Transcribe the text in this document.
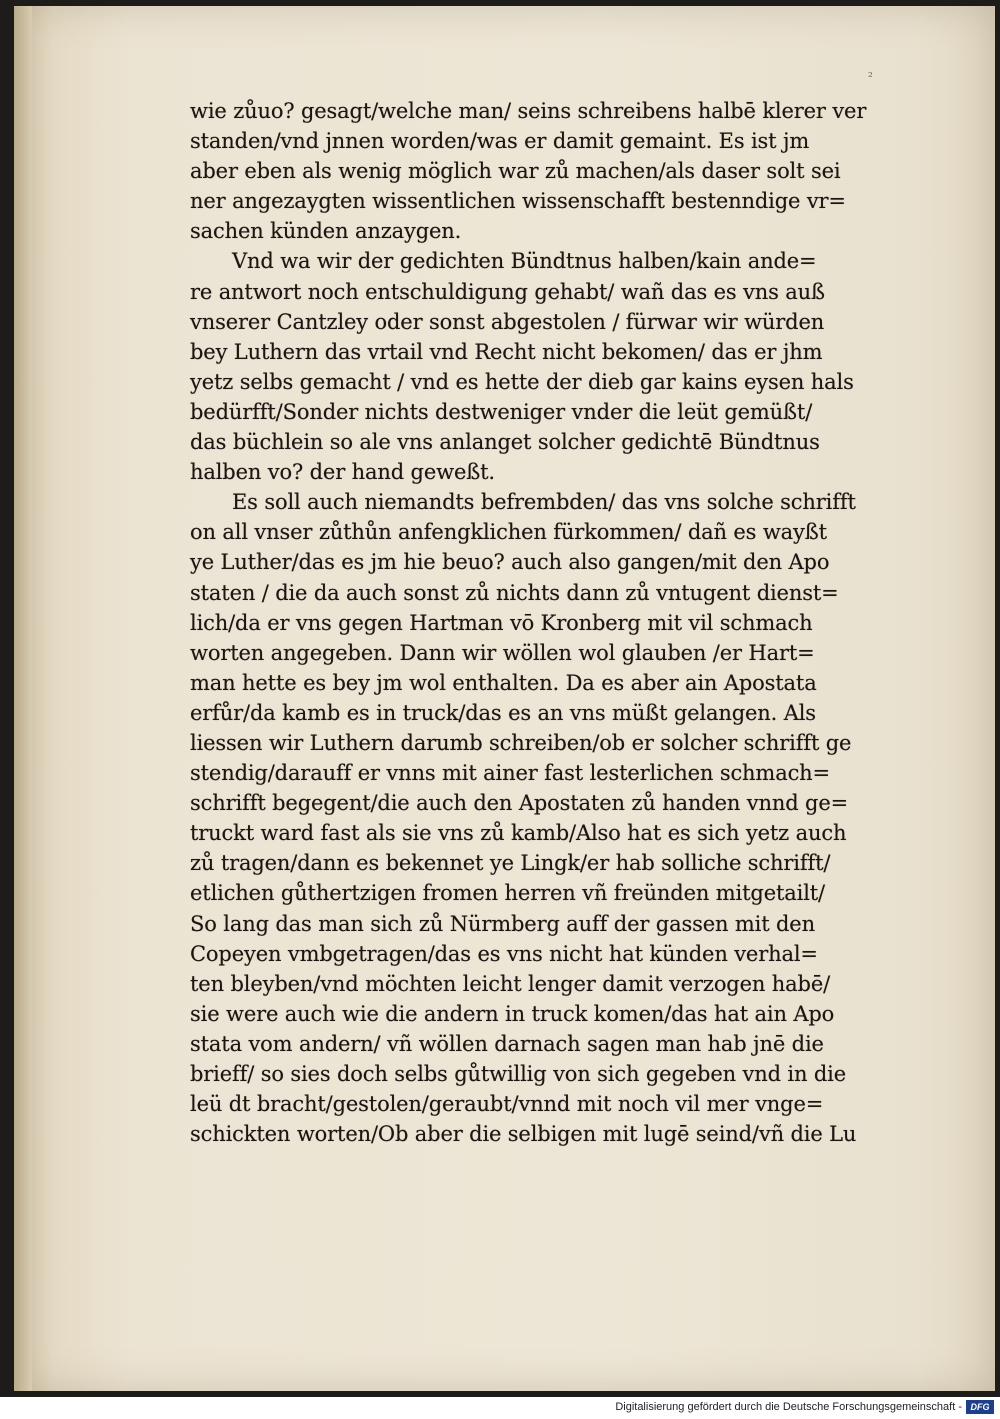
²
wie zůuo? gesagt/welche man/ seins schreibens halbē klerer ver
standen/vnd jnnen worden/was er damit gemaint. Es ist jm
aber eben als wenig möglich war zů machen/als daser solt sei
ner angezaygten wissentlichen wissenschafft bestenndige vr=
sachen künden anzaygen.
Vnd wa wir der gedichten Bündtnus halben/kain ande=
re antwort noch entschuldigung gehabt/ wañ das es vns auß
vnserer Cantzley oder sonst abgestolen / fürwar wir würden
bey Luthern das vrtail vnd Recht nicht bekomen/ das er jhm
yetz selbs gemacht / vnd es hette der dieb gar kains eysen hals
bedürfft/Sonder nichts destweniger vnder die leüt gemüßt/
das büchlein so ale vns anlanget solcher gedichtē Bündtnus
halben vo? der hand geweßt.
Es soll auch niemandts befrembden/ das vns solche schrifft
on all vnser zůthůn anfengklichen fürkommen/ dañ es wayßt
ye Luther/das es jm hie beuo? auch also gangen/mit den Apo
staten / die da auch sonst zů nichts dann zů vntugent dienst=
lich/da er vns gegen Hartman vō Kronberg mit vil schmach
worten angegeben. Dann wir wöllen wol glauben /er Hart=
man hette es bey jm wol enthalten. Da es aber ain Apostata
erfůr/da kamb es in truck/das es an vns müßt gelangen. Als
liessen wir Luthern darumb schreiben/ob er solcher schrifft ge
stendig/darauff er vnns mit ainer fast lesterlichen schmach=
schrifft begegent/die auch den Apostaten zů handen vnnd ge=
truckt ward fast als sie vns zů kamb/Also hat es sich yetz auch
zů tragen/dann es bekennet ye Lingk/er hab solliche schrifft/
etlichen gůthertzigen fromen herren vñ freünden mitgetailt/
So lang das man sich zů Nürmberg auff der gassen mit den
Copeyen vmbgetragen/das es vns nicht hat künden verhal=
ten bleyben/vnd möchten leicht lenger damit verzogen habē/
sie were auch wie die andern in truck komen/das hat ain Apo
stata vom andern/ vñ wöllen darnach sagen man hab jnē die
brieff/ so sies doch selbs gůtwillig von sich gegeben vnd in die
leü dt bracht/gestolen/geraubt/vnnd mit noch vil mer vnge=
schickten worten/Ob aber die selbigen mit lugē seind/vñ die Lu
Digitalisierung gefördert durch die Deutsche Forschungsgemeinschaft - DFG
